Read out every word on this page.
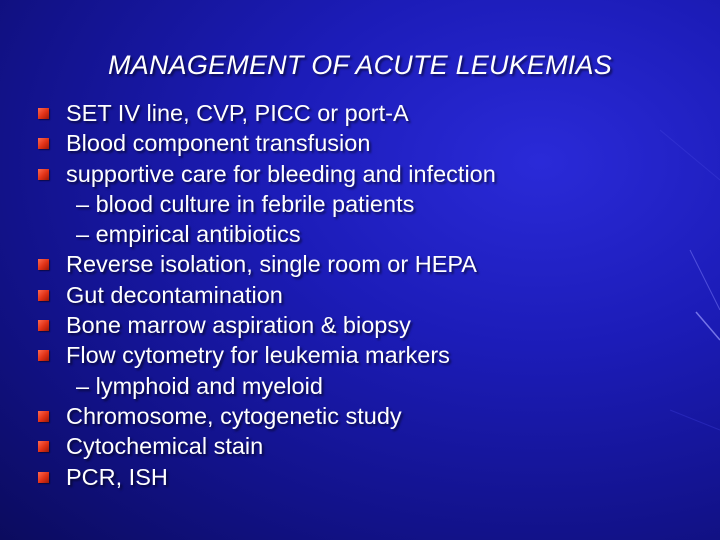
MANAGEMENT OF ACUTE LEUKEMIAS
SET IV line, CVP, PICC or port-A
Blood component transfusion
supportive care for bleeding and infection
– blood culture in febrile patients
– empirical antibiotics
Reverse isolation, single room or HEPA
Gut decontamination
Bone marrow aspiration & biopsy
Flow cytometry for leukemia markers
– lymphoid and myeloid
Chromosome, cytogenetic study
Cytochemical stain
PCR, ISH
